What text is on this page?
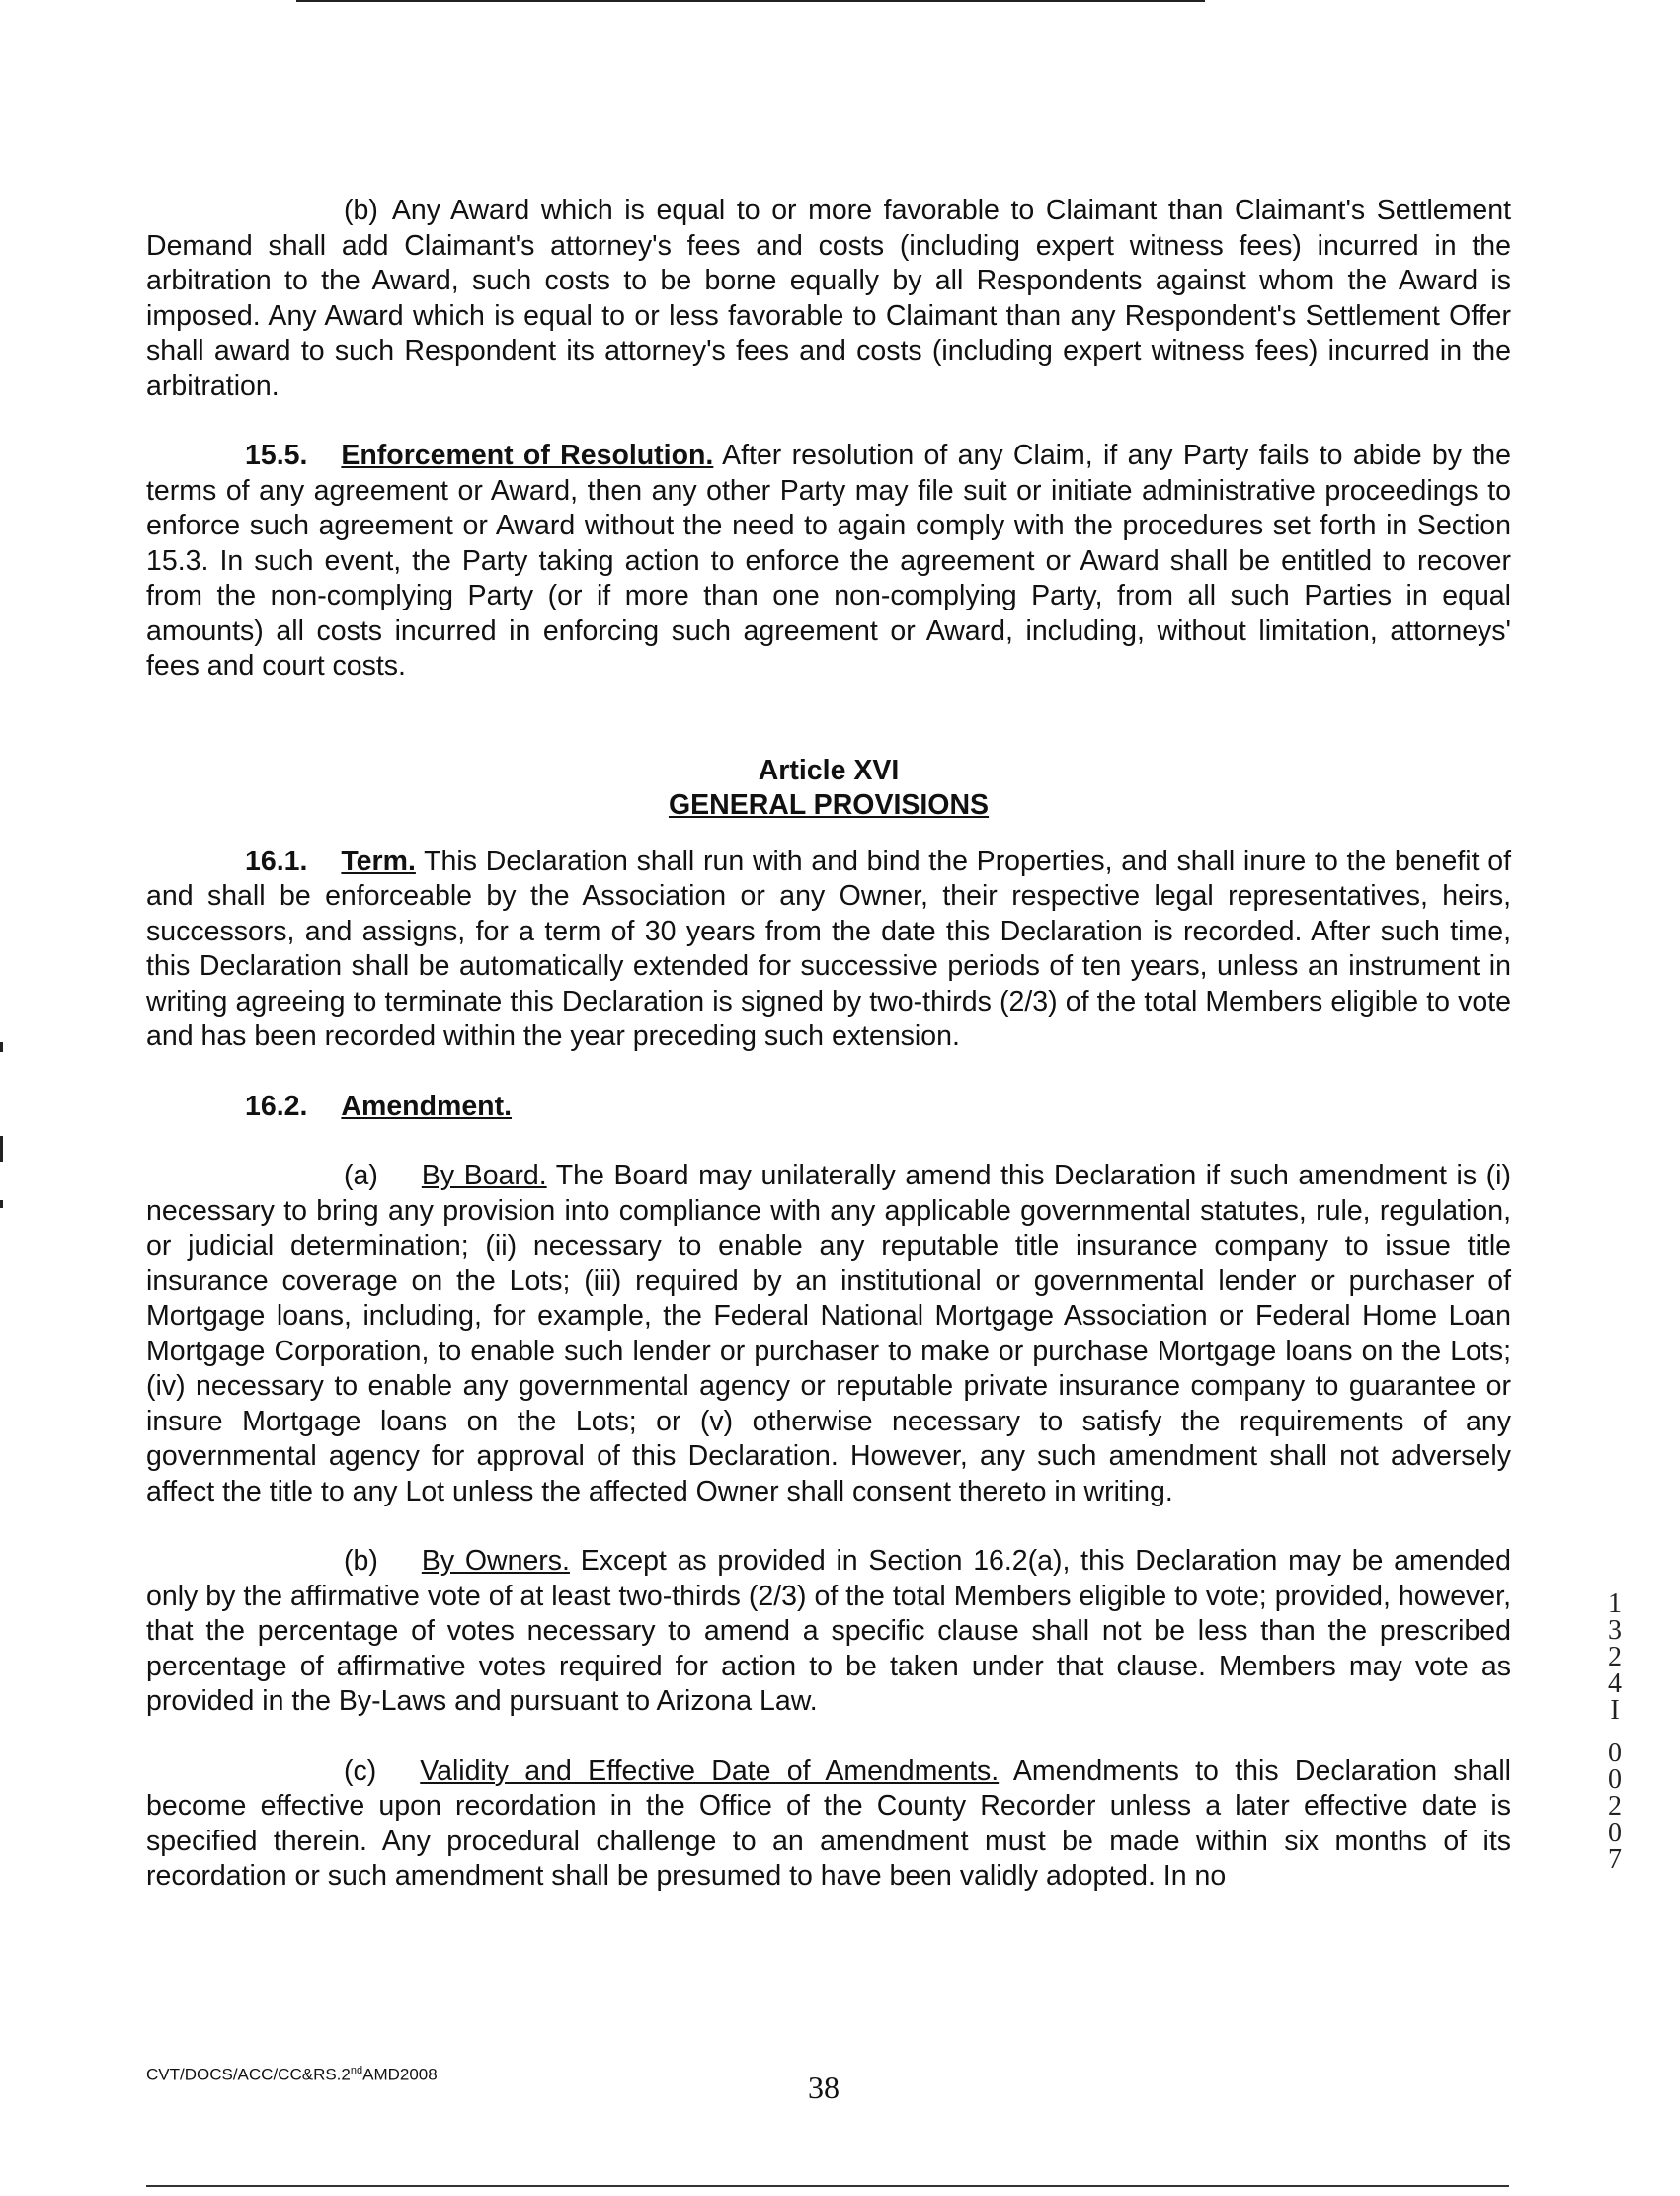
(b) Any Award which is equal to or more favorable to Claimant than Claimant's Settlement Demand shall add Claimant's attorney's fees and costs (including expert witness fees) incurred in the arbitration to the Award, such costs to be borne equally by all Respondents against whom the Award is imposed. Any Award which is equal to or less favorable to Claimant than any Respondent's Settlement Offer shall award to such Respondent its attorney's fees and costs (including expert witness fees) incurred in the arbitration.

15.5. Enforcement of Resolution. After resolution of any Claim, if any Party fails to abide by the terms of any agreement or Award, then any other Party may file suit or initiate administrative proceedings to enforce such agreement or Award without the need to again comply with the procedures set forth in Section 15.3. In such event, the Party taking action to enforce the agreement or Award shall be entitled to recover from the non-complying Party (or if more than one non-complying Party, from all such Parties in equal amounts) all costs incurred in enforcing such agreement or Award, including, without limitation, attorneys' fees and court costs.

Article XVI
GENERAL PROVISIONS

16.1. Term. This Declaration shall run with and bind the Properties, and shall inure to the benefit of and shall be enforceable by the Association or any Owner, their respective legal representatives, heirs, successors, and assigns, for a term of 30 years from the date this Declaration is recorded. After such time, this Declaration shall be automatically extended for successive periods of ten years, unless an instrument in writing agreeing to terminate this Declaration is signed by two-thirds (2/3) of the total Members eligible to vote and has been recorded within the year preceding such extension.

16.2. Amendment.

(a) By Board. The Board may unilaterally amend this Declaration if such amendment is (i) necessary to bring any provision into compliance with any applicable governmental statutes, rule, regulation, or judicial determination; (ii) necessary to enable any reputable title insurance company to issue title insurance coverage on the Lots; (iii) required by an institutional or governmental lender or purchaser of Mortgage loans, including, for example, the Federal National Mortgage Association or Federal Home Loan Mortgage Corporation, to enable such lender or purchaser to make or purchase Mortgage loans on the Lots; (iv) necessary to enable any governmental agency or reputable private insurance company to guarantee or insure Mortgage loans on the Lots; or (v) otherwise necessary to satisfy the requirements of any governmental agency for approval of this Declaration. However, any such amendment shall not adversely affect the title to any Lot unless the affected Owner shall consent thereto in writing.

(b) By Owners. Except as provided in Section 16.2(a), this Declaration may be amended only by the affirmative vote of at least two-thirds (2/3) of the total Members eligible to vote; provided, however, that the percentage of votes necessary to amend a specific clause shall not be less than the prescribed percentage of affirmative votes required for action to be taken under that clause. Members may vote as provided in the By-Laws and pursuant to Arizona Law.

(c) Validity and Effective Date of Amendments. Amendments to this Declaration shall become effective upon recordation in the Office of the County Recorder unless a later effective date is specified therein. Any procedural challenge to an amendment must be made within six months of its recordation or such amendment shall be presumed to have been validly adopted. In no

1
3
2
4
I
0
0
2
0
7
CVT/DOCS/ACC/CC&RS.2ndAMD2008	38
